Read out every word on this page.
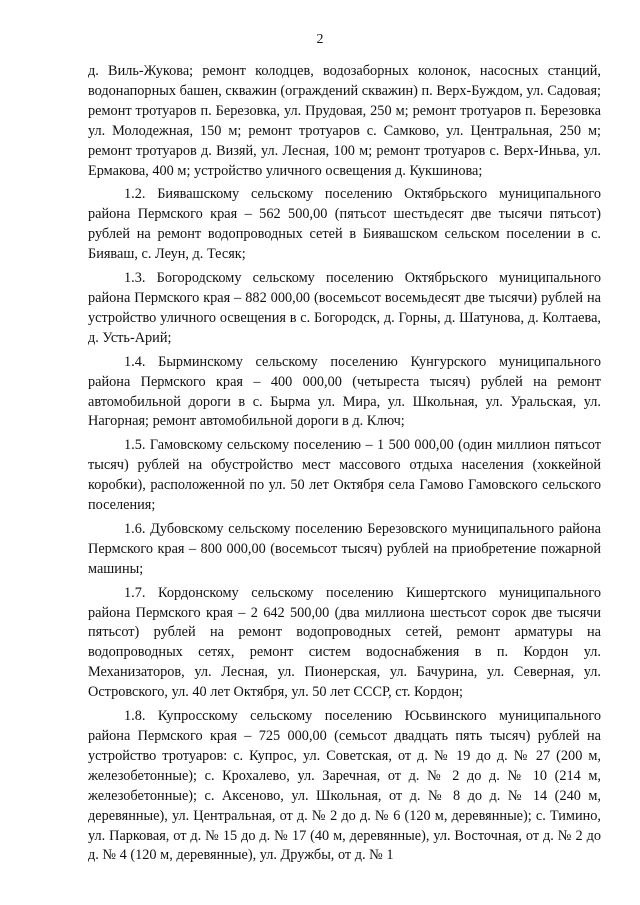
2

д. Виль-Жукова; ремонт колодцев, водозаборных колонок, насосных станций, водонапорных башен, скважин (ограждений скважин) п. Верх-Буждом, ул. Садовая; ремонт тротуаров п. Березовка, ул. Прудовая, 250 м; ремонт тротуаров п. Березовка ул. Молодежная, 150 м; ремонт тротуаров с. Самково, ул. Центральная, 250 м; ремонт тротуаров д. Визяй, ул. Лесная, 100 м; ремонт тротуаров с. Верх-Иньва, ул. Ермакова, 400 м; устройство уличного освещения д. Кукшинова;

1.2. Биявашскому сельскому поселению Октябрьского муниципального района Пермского края – 562 500,00 (пятьсот шестьдесят две тысячи пятьсот) рублей на ремонт водопроводных сетей в Биявашском сельском поселении в с. Бияваш, с. Леун, д. Тесяк;

1.3. Богородскому сельскому поселению Октябрьского муниципального района Пермского края – 882 000,00 (восемьсот восемьдесят две тысячи) рублей на устройство уличного освещения в с. Богородск, д. Горны, д. Шатунова, д. Колтаева, д. Усть-Арий;

1.4. Бырминскому сельскому поселению Кунгурского муниципального района Пермского края – 400 000,00 (четыреста тысяч) рублей на ремонт автомобильной дороги в с. Бырма ул. Мира, ул. Школьная, ул. Уральская, ул. Нагорная; ремонт автомобильной дороги в д. Ключ;

1.5. Гамовскому сельскому поселению – 1 500 000,00 (один миллион пятьсот тысяч) рублей на обустройство мест массового отдыха населения (хоккейной коробки), расположенной по ул. 50 лет Октября села Гамово Гамовского сельского поселения;

1.6. Дубовскому сельскому поселению Березовского муниципального района Пермского края – 800 000,00 (восемьсот тысяч) рублей на приобретение пожарной машины;

1.7. Кордонскому сельскому поселению Кишертского муниципального района Пермского края – 2 642 500,00 (два миллиона шестьсот сорок две тысячи пятьсот) рублей на ремонт водопроводных сетей, ремонт арматуры на водопроводных сетях, ремонт систем водоснабжения в п. Кордон ул. Механизаторов, ул. Лесная, ул. Пионерская, ул. Бачурина, ул. Северная, ул. Островского, ул. 40 лет Октября, ул. 50 лет СССР, ст. Кордон;

1.8. Купросскому сельскому поселению Юсьвинского муниципального района Пермского края – 725 000,00 (семьсот двадцать пять тысяч) рублей на устройство тротуаров: с. Купрос, ул. Советская, от д. № 19 до д. № 27 (200 м, железобетонные); с. Крохалево, ул. Заречная, от д. № 2 до д. № 10 (214 м, железобетонные); с. Аксеново, ул. Школьная, от д. № 8 до д. № 14 (240 м, деревянные), ул. Центральная, от д. № 2 до д. № 6 (120 м, деревянные); с. Тимино, ул. Парковая, от д. № 15 до д. № 17 (40 м, деревянные), ул. Восточная, от д. № 2 до д. № 4 (120 м, деревянные), ул. Дружбы, от д. № 1
